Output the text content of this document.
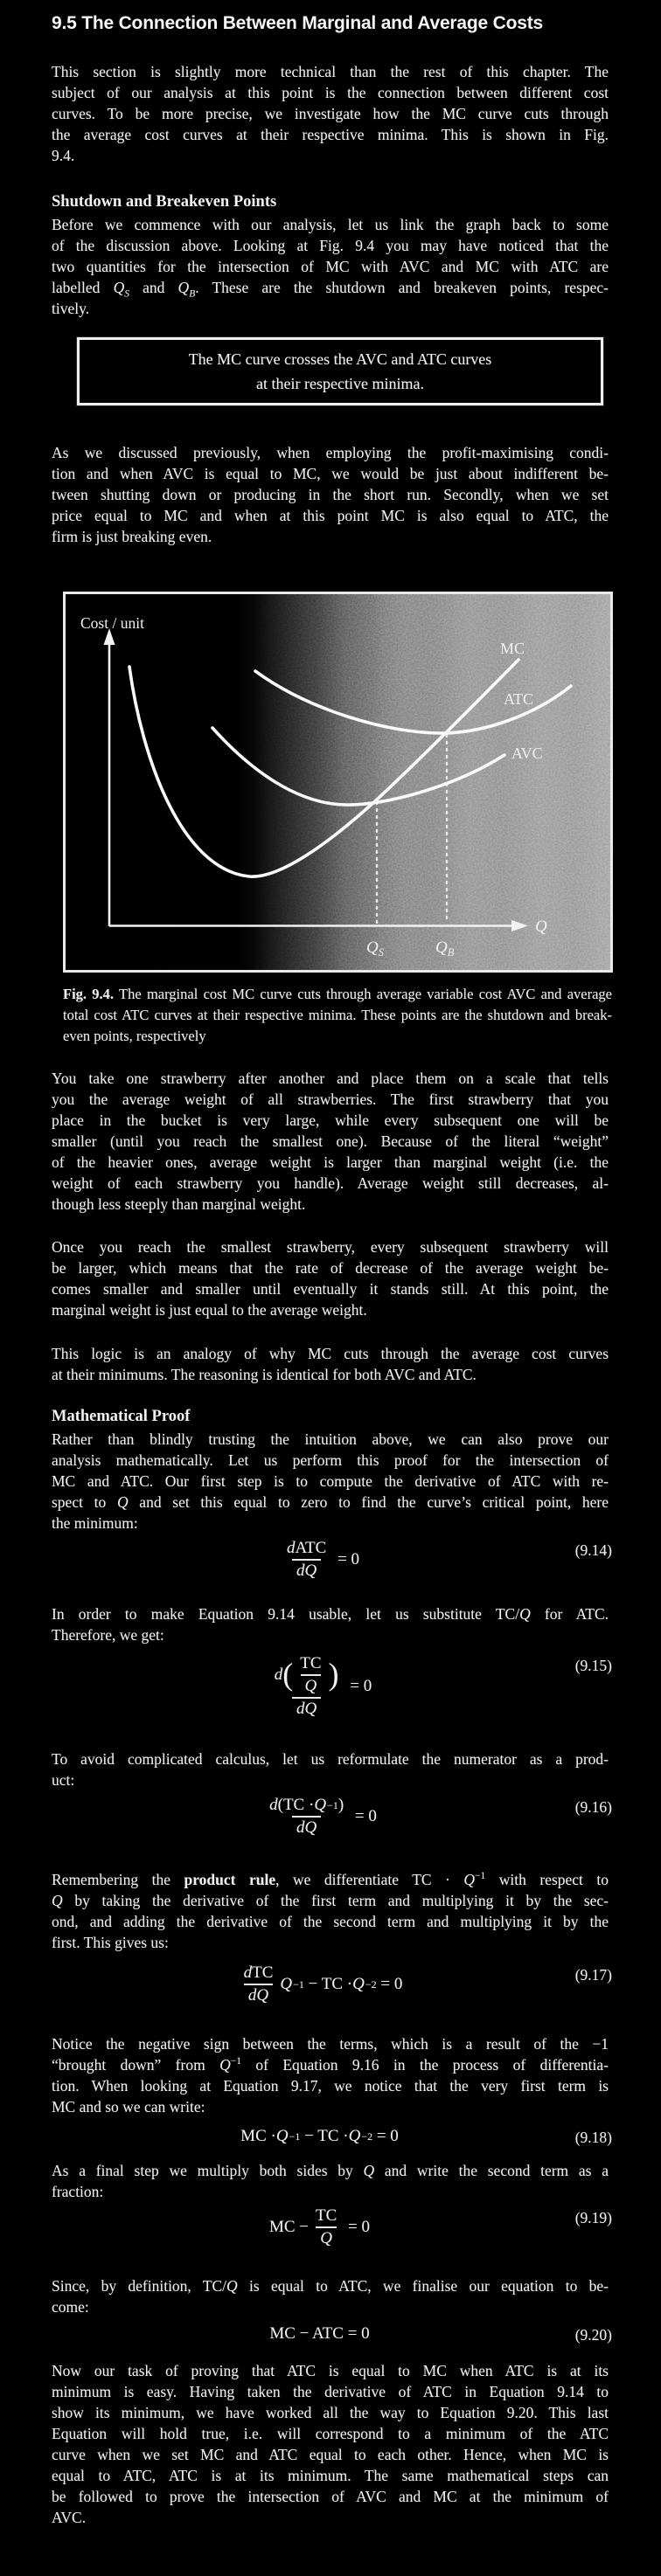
9.5 The Connection Between Marginal and Average Costs
Shutdown and Breakeven Points
The MC curve crosses the AVC and ATC curves
at their respective minima.
Cost / unit
MC
ATC
AVC
Q
$Q_S$	$Q_B$
Fig. 9.4. The marginal cost MC curve cuts through average variable cost AVC and average
total cost ATC curves at their respective minima. These points are the shutdown and break-
even points, respectively
Mathematical Proof
This section is slightly more technical than the rest of this chapter. The
subject of our analysis at this point is the connection between different cost
curves. To be more precise, we investigate how the MC curve cuts through
the average cost curves at their respective minima. This is shown in Fig.
9.4.
Before we commence with our analysis, let us link the graph back to some
of the discussion above. Looking at Fig. 9.4 you may have noticed that the
two quantities for the intersection of MC with AVC and MC with ATC are
labelled $Q_S$ and $Q_B$. These are the shutdown and breakeven points, respec-
tively.
As we discussed previously, when employing the profit-maximising condi-
tion and when AVC is equal to MC, we would be just about indifferent be-
tween shutting down or producing in the short run. Secondly, when we set
price equal to MC and when at this point MC is also equal to ATC, the
firm is just breaking even.
You take one strawberry after another and place them on a scale that tells
you the average weight of all strawberries. The first strawberry that you
place in the bucket is very large, while every subsequent one will be
smaller (until you reach the smallest one). Because of the literal “weight”
of the heavier ones, average weight is larger than marginal weight (i.e. the
weight of each strawberry you handle). Average weight still decreases, al-
though less steeply than marginal weight.
Once you reach the smallest strawberry, every subsequent strawberry will
be larger, which means that the rate of decrease of the average weight be-
comes smaller and smaller until eventually it stands still. At this point, the
marginal weight is just equal to the average weight.
This logic is an analogy of why MC cuts through the average cost curves
at their minimums. The reasoning is identical for both AVC and ATC.
Rather than blindly trusting the intuition above, we can also prove our
analysis mathematically. Let us perform this proof for the intersection of
MC and ATC. Our first step is to compute the derivative of ATC with re-
spect to Q and set this equal to zero to find the curve’s critical point, here
the minimum:
In order to make Equation 9.14 usable, let us substitute TC/Q for ATC.
Therefore, we get:
To avoid complicated calculus, let us reformulate the numerator as a prod-
uct:
Remembering the product rule, we differentiate TC · $Q^{-1}$ with respect to
Q by taking the derivative of the first term and multiplying it by the sec-
ond, and adding the derivative of the second term and multiplying it by the
first. This gives us:
Notice the negative sign between the terms, which is a result of the −1
“brought down” from $Q^{-1}$ of Equation 9.16 in the process of differentia-
tion. When looking at Equation 9.17, we notice that the very first term is
MC and so we can write:
As a final step we multiply both sides by Q and write the second term as a
fraction:
Since, by definition, TC/Q is equal to ATC, we finalise our equation to be-
come:
Now our task of proving that ATC is equal to MC when ATC is at its
minimum is easy. Having taken the derivative of ATC in Equation 9.14 to
show its minimum, we have worked all the way to Equation 9.20. This last
Equation will hold true, i.e. will correspond to a minimum of the ATC
curve when we set MC and ATC equal to each other. Hence, when MC is
equal to ATC, ATC is at its minimum. The same mathematical steps can
be followed to prove the intersection of AVC and MC at the minimum of
AVC.
d ATC
dQ
= 0	(9.14)
d ( TC
Q )
dQ
= 0
(9.15)
$\frac{d ( TC \cdot Q -1 )}{dQ} = 0$	(9.16)
d TC
dQ
Q −1 − TC · Q −2 = 0	(9.17)
MC · Q −1 − TC · Q −2 = 0	(9.18)
MC − $\frac{TC}{Q} = 0$	(9.19)
MC − ATC = 0	(9.20)
